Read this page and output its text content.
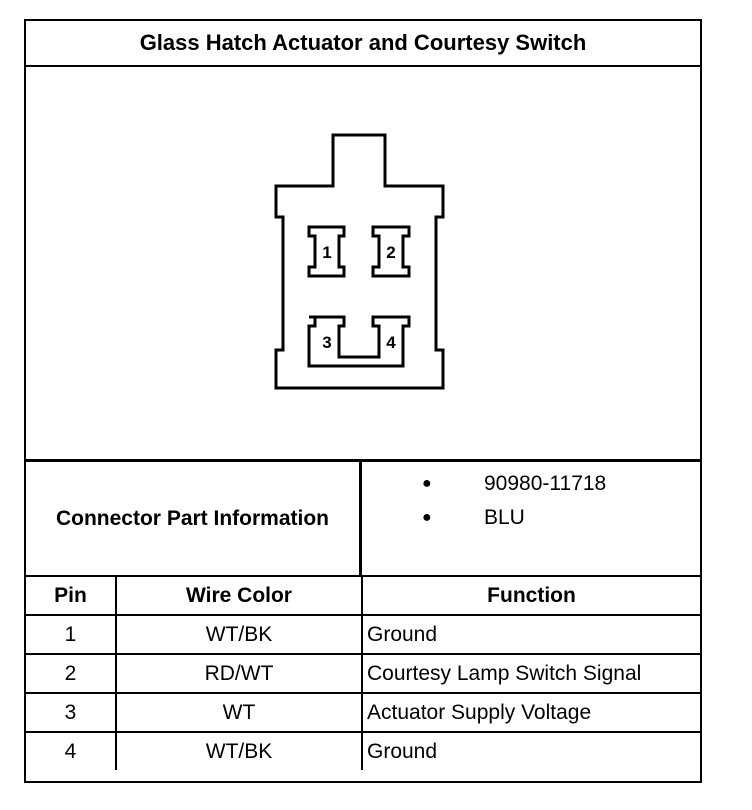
Glass Hatch Actuator and Courtesy Switch
1	2
3	4
Connector Part Information
●	90980-11718
●	BLU
Pin	Wire Color	Function
1	WT/BK	Ground
2	RD/WT	Courtesy Lamp Switch Signal
3	WT	Actuator Supply Voltage
4	WT/BK	Ground
